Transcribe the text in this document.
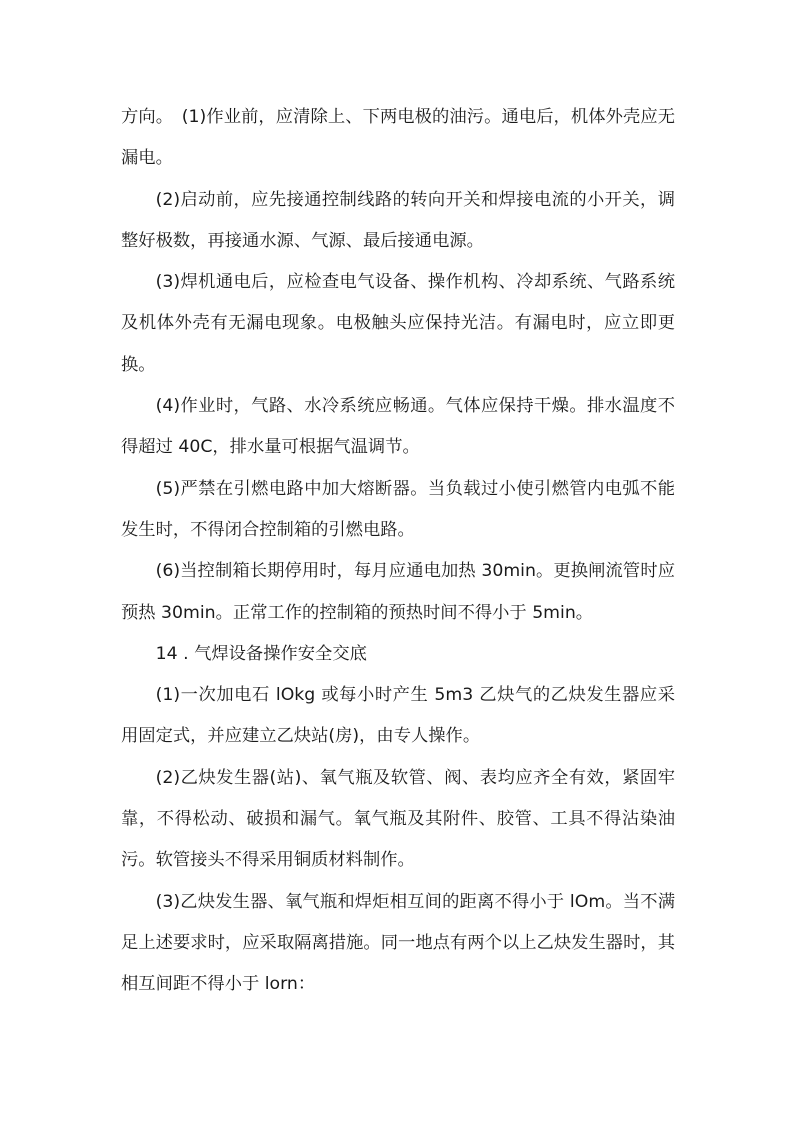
方向。　(1)作业前，应清除上、下两电极的油污。通电后，机体外壳应无漏电。

(2)启动前，应先接通控制线路的转向开关和焊接电流的小开关，调整好极数，再接通水源、气源、最后接通电源。

(3)焊机通电后，应检查电气设备、操作机构、冷却系统、气路系统及机体外壳有无漏电现象。电极触头应保持光洁。有漏电时，应立即更换。

(4)作业时，气路、水冷系统应畅通。气体应保持干燥。排水温度不得超过 40C，排水量可根据气温调节。

(5)严禁在引燃电路中加大熔断器。当负载过小使引燃管内电弧不能发生时，不得闭合控制箱的引燃电路。

(6)当控制箱长期停用时，每月应通电加热 30min。更换闸流管时应预热 30min。正常工作的控制箱的预热时间不得小于 5min。

14 . 气焊设备操作安全交底

(1)一次加电石 lOkg 或每小时产生 5m3 乙炔气的乙炔发生器应采用固定式，并应建立乙炔站(房)，由专人操作。

(2)乙炔发生器(站)、氧气瓶及软管、阀、表均应齐全有效，紧固牢靠，不得松动、破损和漏气。氧气瓶及其附件、胶管、工具不得沾染油污。软管接头不得采用铜质材料制作。

(3)乙炔发生器、氧气瓶和焊炬相互间的距离不得小于 lOm。当不满足上述要求时，应采取隔离措施。同一地点有两个以上乙炔发生器时，其相互间距不得小于 lorn：
